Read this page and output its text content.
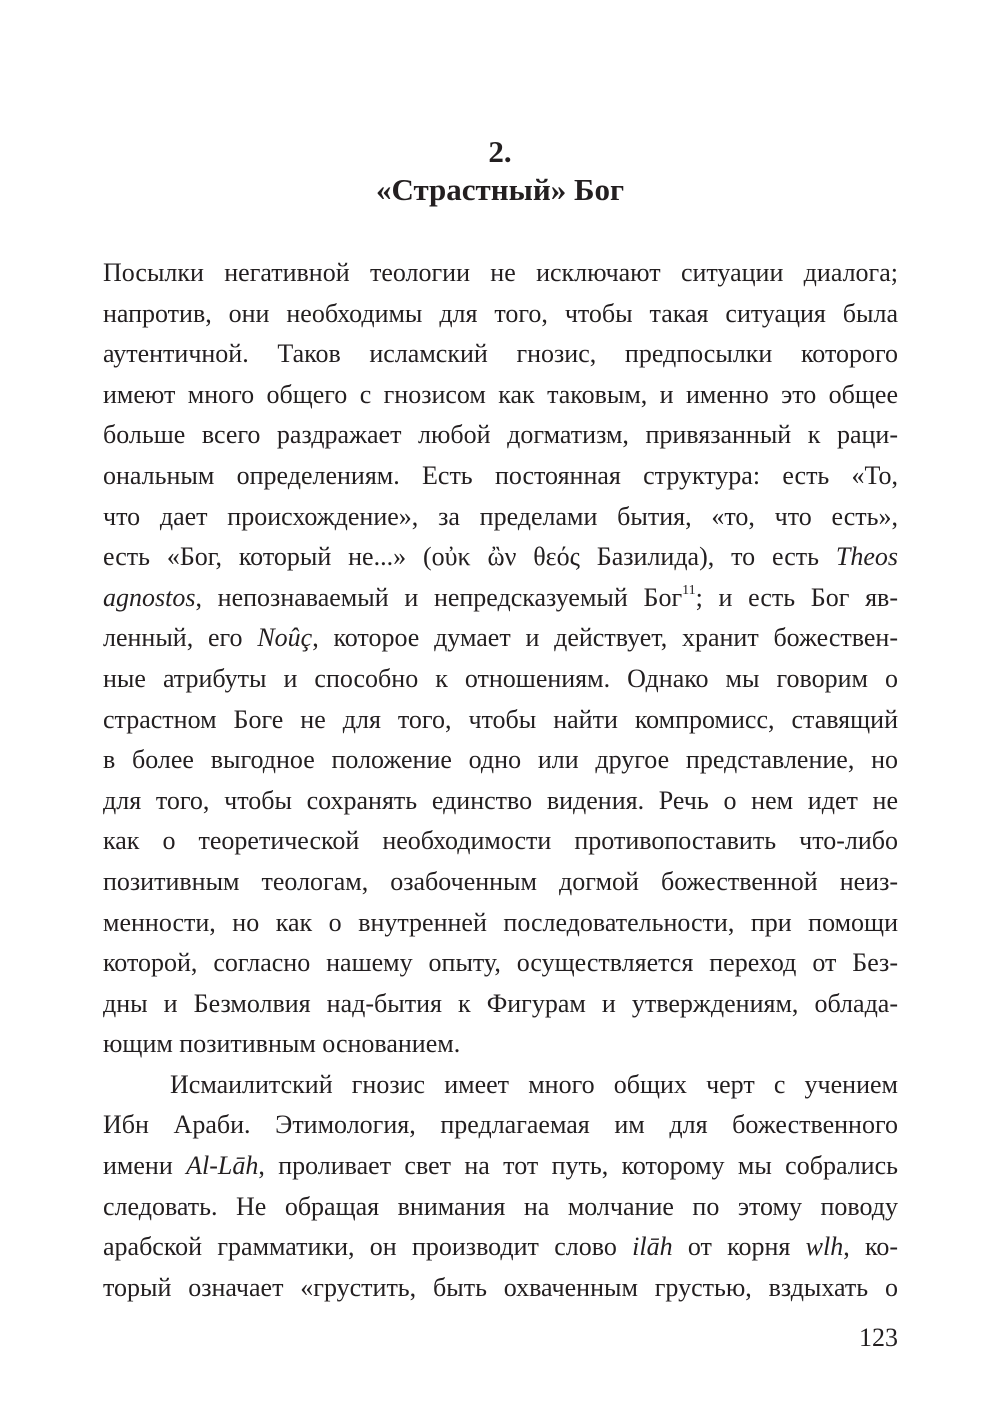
2.
«Страстный» Бог
Посылки негативной теологии не исключают ситуации диалога;
напротив, они необходимы для того, чтобы такая ситуация была
аутентичной. Таков исламский гнозис, предпосылки которого
имеют много общего с гнозисом как таковым, и именно это общее
больше всего раздражает любой догматизм, привязанный к раци-
ональным определениям. Есть постоянная структура: есть «То,
что дает происхождение», за пределами бытия, «то, что есть»,
есть «Бог, который не...» (οὐκ ὢν θεός Базилида), то есть Theos
agnostos, непознаваемый и непредсказуемый Бог$^{11}$; и есть Бог яв-
ленный, его Noûç, которое думает и действует, хранит божествен-
ные атрибуты и способно к отношениям. Однако мы говорим о
страстном Боге не для того, чтобы найти компромисс, ставящий
в более выгодное положение одно или другое представление, но
для того, чтобы сохранять единство видения. Речь о нем идет не
как о теоретической необходимости противопоставить что-либо
позитивным теологам, озабоченным догмой божественной неиз-
менности, но как о внутренней последовательности, при помощи
которой, согласно нашему опыту, осуществляется переход от Без-
дны и Безмолвия над-бытия к Фигурам и утверждениям, облада-
ющим позитивным основанием.
Исмаилитский гнозис имеет много общих черт с учением
Ибн Араби. Этимология, предлагаемая им для божественного
имени Al-Lāh, проливает свет на тот путь, которому мы собрались
следовать. Не обращая внимания на молчание по этому поводу
арабской грамматики, он производит слово ilāh от корня wlh, ко-
торый означает «грустить, быть охваченным грустью, вздыхать о
123
